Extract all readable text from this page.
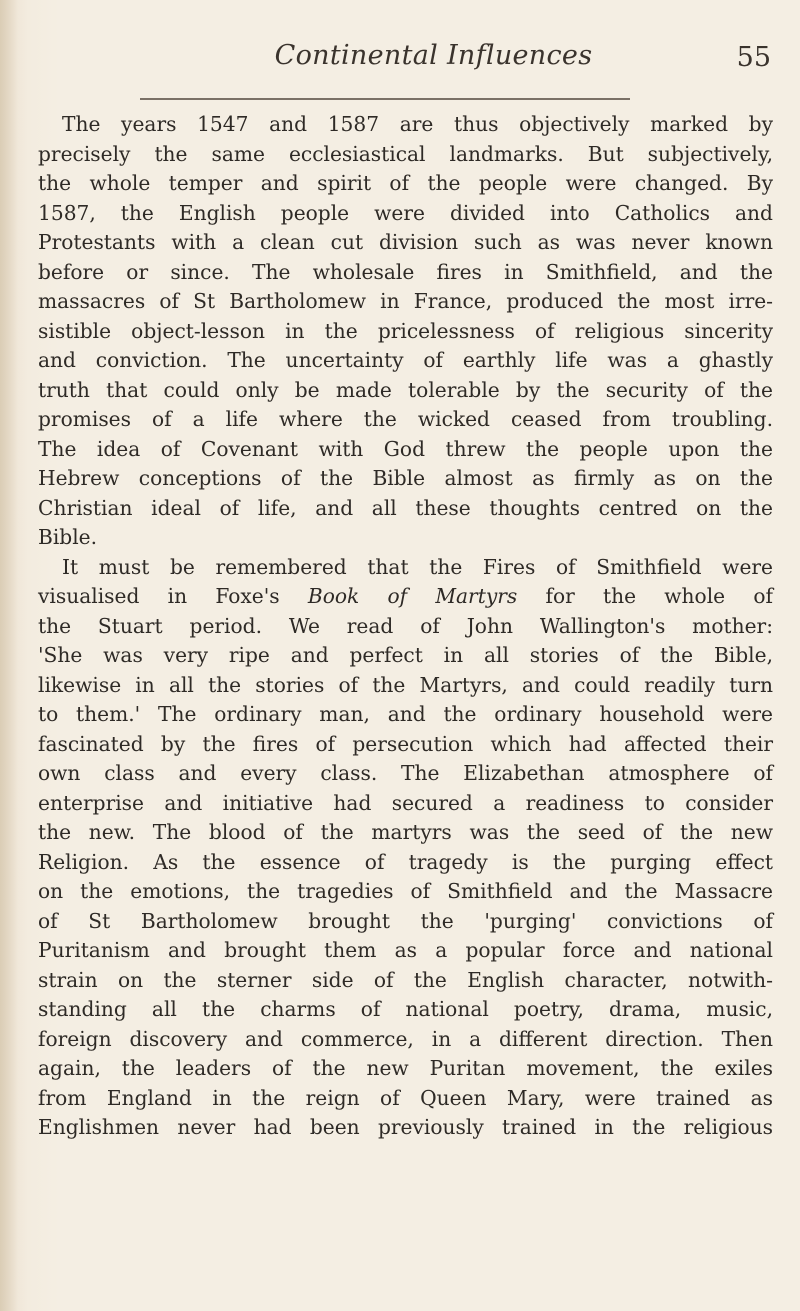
Continental Influences	55
The years 1547 and 1587 are thus objectively marked by
precisely the same ecclesiastical landmarks. But subjectively,
the whole temper and spirit of the people were changed. By
1587, the English people were divided into Catholics and
Protestants with a clean cut division such as was never known
before or since. The wholesale fires in Smithfield, and the
massacres of St Bartholomew in France, produced the most irre-
sistible object-lesson in the pricelessness of religious sincerity
and conviction. The uncertainty of earthly life was a ghastly
truth that could only be made tolerable by the security of the
promises of a life where the wicked ceased from troubling.
The idea of Covenant with God threw the people upon the
Hebrew conceptions of the Bible almost as firmly as on the
Christian ideal of life, and all these thoughts centred on the
Bible.
It must be remembered that the Fires of Smithfield were
visualised in Foxe's Book of Martyrs for the whole of
the Stuart period. We read of John Wallington's mother:
'She was very ripe and perfect in all stories of the Bible,
likewise in all the stories of the Martyrs, and could readily turn
to them.' The ordinary man, and the ordinary household were
fascinated by the fires of persecution which had affected their
own class and every class. The Elizabethan atmosphere of
enterprise and initiative had secured a readiness to consider
the new. The blood of the martyrs was the seed of the new
Religion. As the essence of tragedy is the purging effect
on the emotions, the tragedies of Smithfield and the Massacre
of St Bartholomew brought the 'purging' convictions of
Puritanism and brought them as a popular force and national
strain on the sterner side of the English character, notwith-
standing all the charms of national poetry, drama, music,
foreign discovery and commerce, in a different direction. Then
again, the leaders of the new Puritan movement, the exiles
from England in the reign of Queen Mary, were trained as
Englishmen never had been previously trained in the religious
